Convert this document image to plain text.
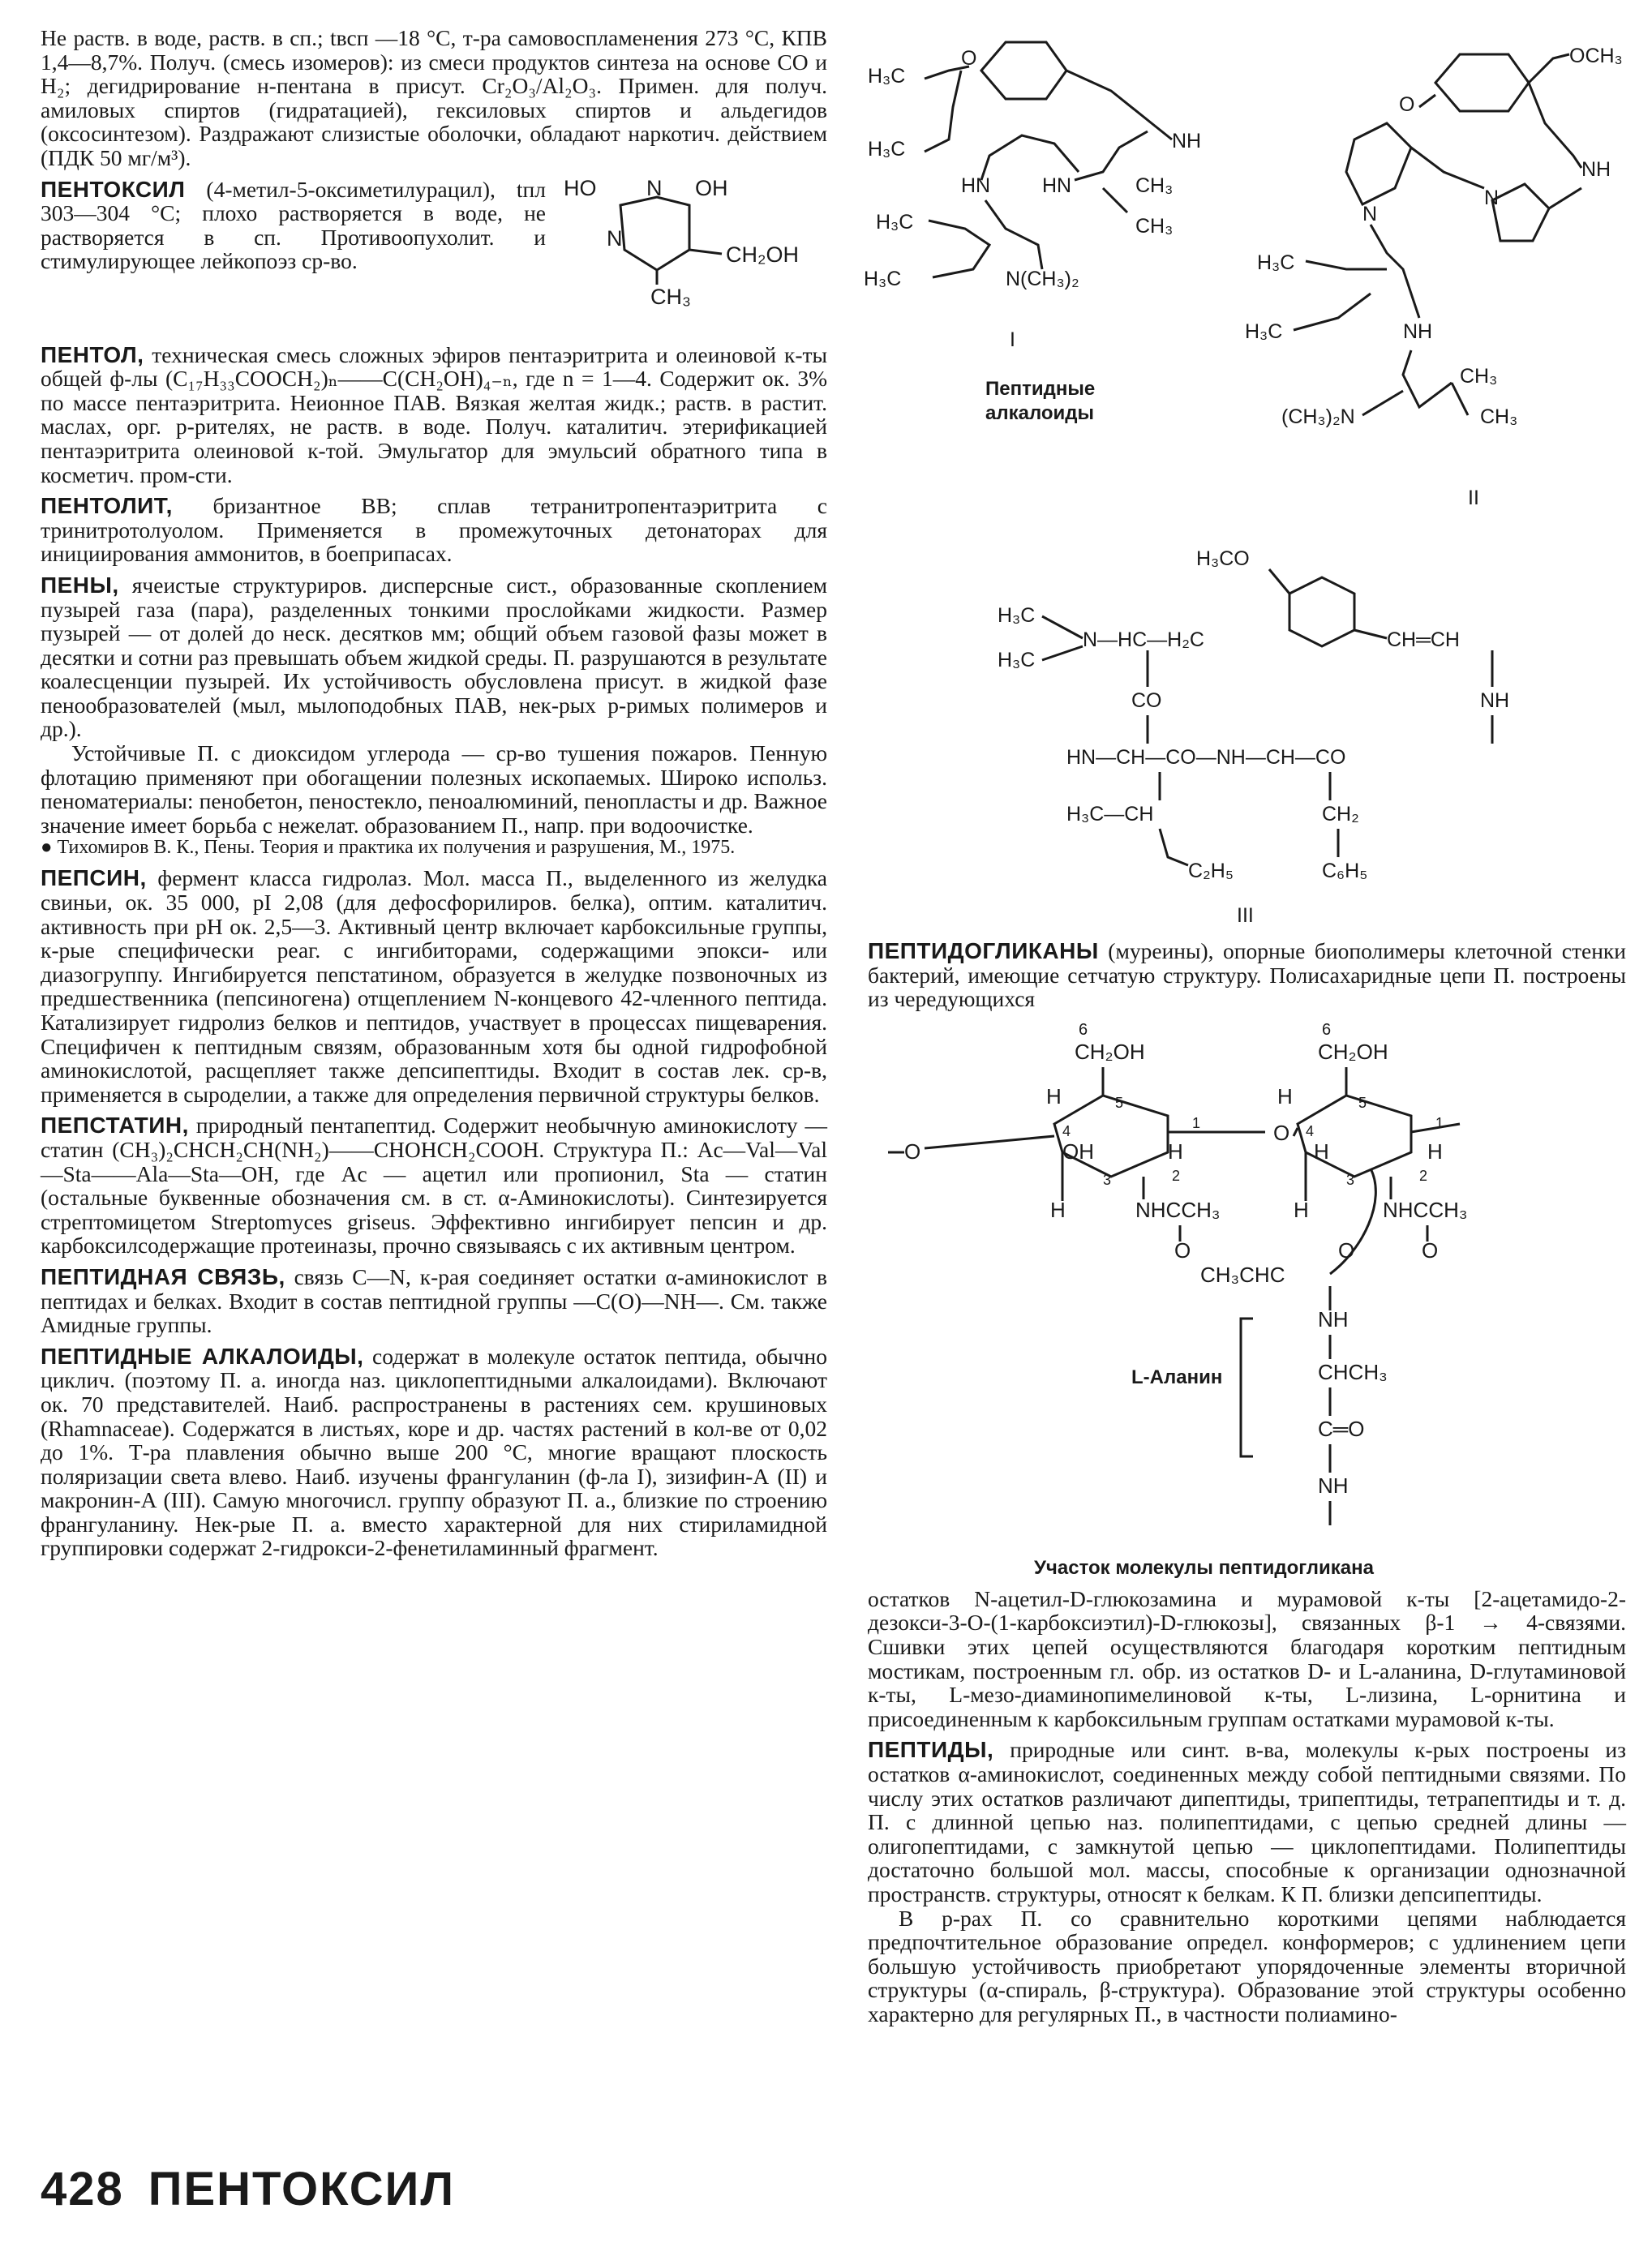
Не раств. в воде, раств. в сп.; tвсп —18 °С, т-ра самовоспламенения 273 °С, КПВ 1,4—8,7%. Получ. (смесь изомеров): из смеси продуктов синтеза на основе СО и Н₂; дегидрирование н-пентана в присут. Cr₂O₃/Al₂O₃. Примен. для получ. амиловых спиртов (гидратацией), гексиловых спиртов и альдегидов (оксосинтезом). Раздражают слизистые оболочки, обладают наркотич. действием (ПДК 50 мг/м³).

HO N OH
N
CH₂OH
CH₃

ПЕНТОКСИЛ (4-метил-5-оксиметилурацил), tпл 303—304 °С; плохо растворяется в воде, не растворяется в сп. Противоопухолит. и стимулирующее лейкопоэз ср-во.

ПЕНТОЛ, техническая смесь сложных эфиров пентаэритрита и олеиновой к-ты общей ф-лы (C₁₇H₃₃COOCH₂)ₙ——C(CH₂OH)₄₋ₙ, где n = 1—4. Содержит ок. 3% по массе пентаэритрита. Неионное ПАВ. Вязкая желтая жидк.; раств. в растит. маслах, орг. р-рителях, не раств. в воде. Получ. каталитич. этерификацией пентаэритрита олеиновой к-той. Эмульгатор для эмульсий обратного типа в косметич. пром-сти.

ПЕНТОЛИТ, бризантное ВВ; сплав тетранитропентаэритрита с тринитротолуолом. Применяется в промежуточных детонаторах для инициирования аммонитов, в боеприпасах.

ПЕНЫ, ячеистые структуриров. дисперсные сист., образованные скоплением пузырей газа (пара), разделенных тонкими прослойками жидкости. Размер пузырей — от долей до неск. десятков мм; общий объем газовой фазы может в десятки и сотни раз превышать объем жидкой среды. П. разрушаются в результате коалесценции пузырей. Их устойчивость обусловлена присут. в жидкой фазе пенообразователей (мыл, мылоподобных ПАВ, нек-рых р-римых полимеров и др.).

Устойчивые П. с диоксидом углерода — ср-во тушения пожаров. Пенную флотацию применяют при обогащении полезных ископаемых. Широко использ. пеноматериалы: пенобетон, пеностекло, пеноалюминий, пенопласты и др. Важное значение имеет борьба с нежелат. образованием П., напр. при водоочистке.

● Тихомиров В. К., Пены. Теория и практика их получения и разрушения, М., 1975.

ПЕПСИН, фермент класса гидролаз. Мол. масса П., выделенного из желудка свиньи, ок. 35 000, pI 2,08 (для дефосфорилиров. белка), оптим. каталитич. активность при pH ок. 2,5—3. Активный центр включает карбоксильные группы, к-рые специфически реаг. с ингибиторами, содержащими эпокси- или диазогруппу. Ингибируется пепстатином, образуется в желудке позвоночных из предшественника (пепсиногена) отщеплением N-концевого 42-членного пептида. Катализирует гидролиз белков и пептидов, участвует в процессах пищеварения. Специфичен к пептидным связям, образованным хотя бы одной гидрофобной аминокислотой, расщепляет также депсипептиды. Входит в состав лек. ср-в, применяется в сыроделии, а также для определения первичной структуры белков.

ПЕПСТАТИН, природный пентапептид. Содержит необычную аминокислоту — статин (CH₃)₂CHCH₂CH(NH₂)——CHOHCH₂COOH. Структура П.: Ac—Val—Val—Sta——Ala—Sta—OH, где Ac — ацетил или пропионил, Sta — статин (остальные буквенные обозначения см. в ст. α-Аминокислоты). Синтезируется стрептомицетом Streptomyces griseus. Эффективно ингибирует пепсин и др. карбоксилсодержащие протеиназы, прочно связываясь с их активным центром.

ПЕПТИДНАЯ СВЯЗЬ, связь С—N, к-рая соединяет остатки α-аминокислот в пептидах и белках. Входит в состав пептидной группы —С(О)—NH—. См. также Амидные группы.

ПЕПТИДНЫЕ АЛКАЛОИДЫ, содержат в молекуле остаток пептида, обычно циклич. (поэтому П. а. иногда наз. циклопептидными алкалоидами). Включают ок. 70 представителей. Наиб. распространены в растениях сем. крушиновых (Rhamnaceae). Содержатся в листьях, коре и др. частях растений в кол-ве от 0,02 до 1%. Т-ра плавления обычно выше 200 °С, многие вращают плоскость поляризации света влево. Наиб. изучены франгуланин (ф-ла I), зизифин-А (II) и макронин-А (III). Самую многочисл. группу образуют П. а., близкие по строению франгуланину. Нек-рые П. а. вместо характерной для них стириламидной группировки содержат 2-гидрокси-2-фенетиламинный фрагмент.

H₃C
H₃C
O
NH
HN	HN	CH₃
CH₃
H₃C
H₃C	N(CH₃)₂
I
Пептидные
алкалоиды
OCH₃
O
N
N
NH
H₃C
H₃C	NH
CH₃
(CH₃)₂N	CH₃
II
H₃CO
H₃C
H₃C
N—HC—H₂C	CH═CH
CO	NH
HN—CH—CO—NH—CH—CO
H₃C—CH	CH₂
C₂H₅	C₆H₅
III

ПЕПТИДОГЛИКАНЫ (муреины), опорные биополимеры клеточной стенки бактерий, имеющие сетчатую структуру. Полисахаридные цепи П. построены из чередующихся

6	6
CH₂OH	CH₂OH
H	H
O
O
OH	H	H
H
5	5
4	4
3	3
2	2
1	1
H	H
NHCCH₃	NHCCH₃
O	O
CH₃CHC
O
NH
CHCH₃
C═O
NH
L-Аланин
Участок молекулы пептидогликана

остатков N-ацетил-D-глюкозамина и мурамовой к-ты [2-ацетамидо-2-дезокси-3-О-(1-карбоксиэтил)-D-глюкозы], связанных β-1 → 4-связями. Сшивки этих цепей осуществляются благодаря коротким пептидным мостикам, построенным гл. обр. из остатков D- и L-аланина, D-глутаминовой к-ты, L-мезо-диаминопимелиновой к-ты, L-лизина, L-орнитина и присоединенным к карбоксильным группам остатками мурамовой к-ты.

ПЕПТИДЫ, природные или синт. в-ва, молекулы к-рых построены из остатков α-аминокислот, соединенных между собой пептидными связями. По числу этих остатков различают дипептиды, трипептиды, тетрапептиды и т. д. П. с длинной цепью наз. полипептидами, с цепью средней длины — олигопептидами, с замкнутой цепью — циклопептидами. Полипептиды достаточно большой мол. массы, способные к организации однозначной пространств. структуры, относят к белкам. К П. близки депсипептиды.

В р-рах П. со сравнительно короткими цепями наблюдается предпочтительное образование определ. конформеров; с удлинением цепи большую устойчивость приобретают упорядоченные элементы вторичной структуры (α-спираль, β-структура). Образование этой структуры особенно характерно для регулярных П., в частности полиамино-

428 ПЕНТОКСИЛ
